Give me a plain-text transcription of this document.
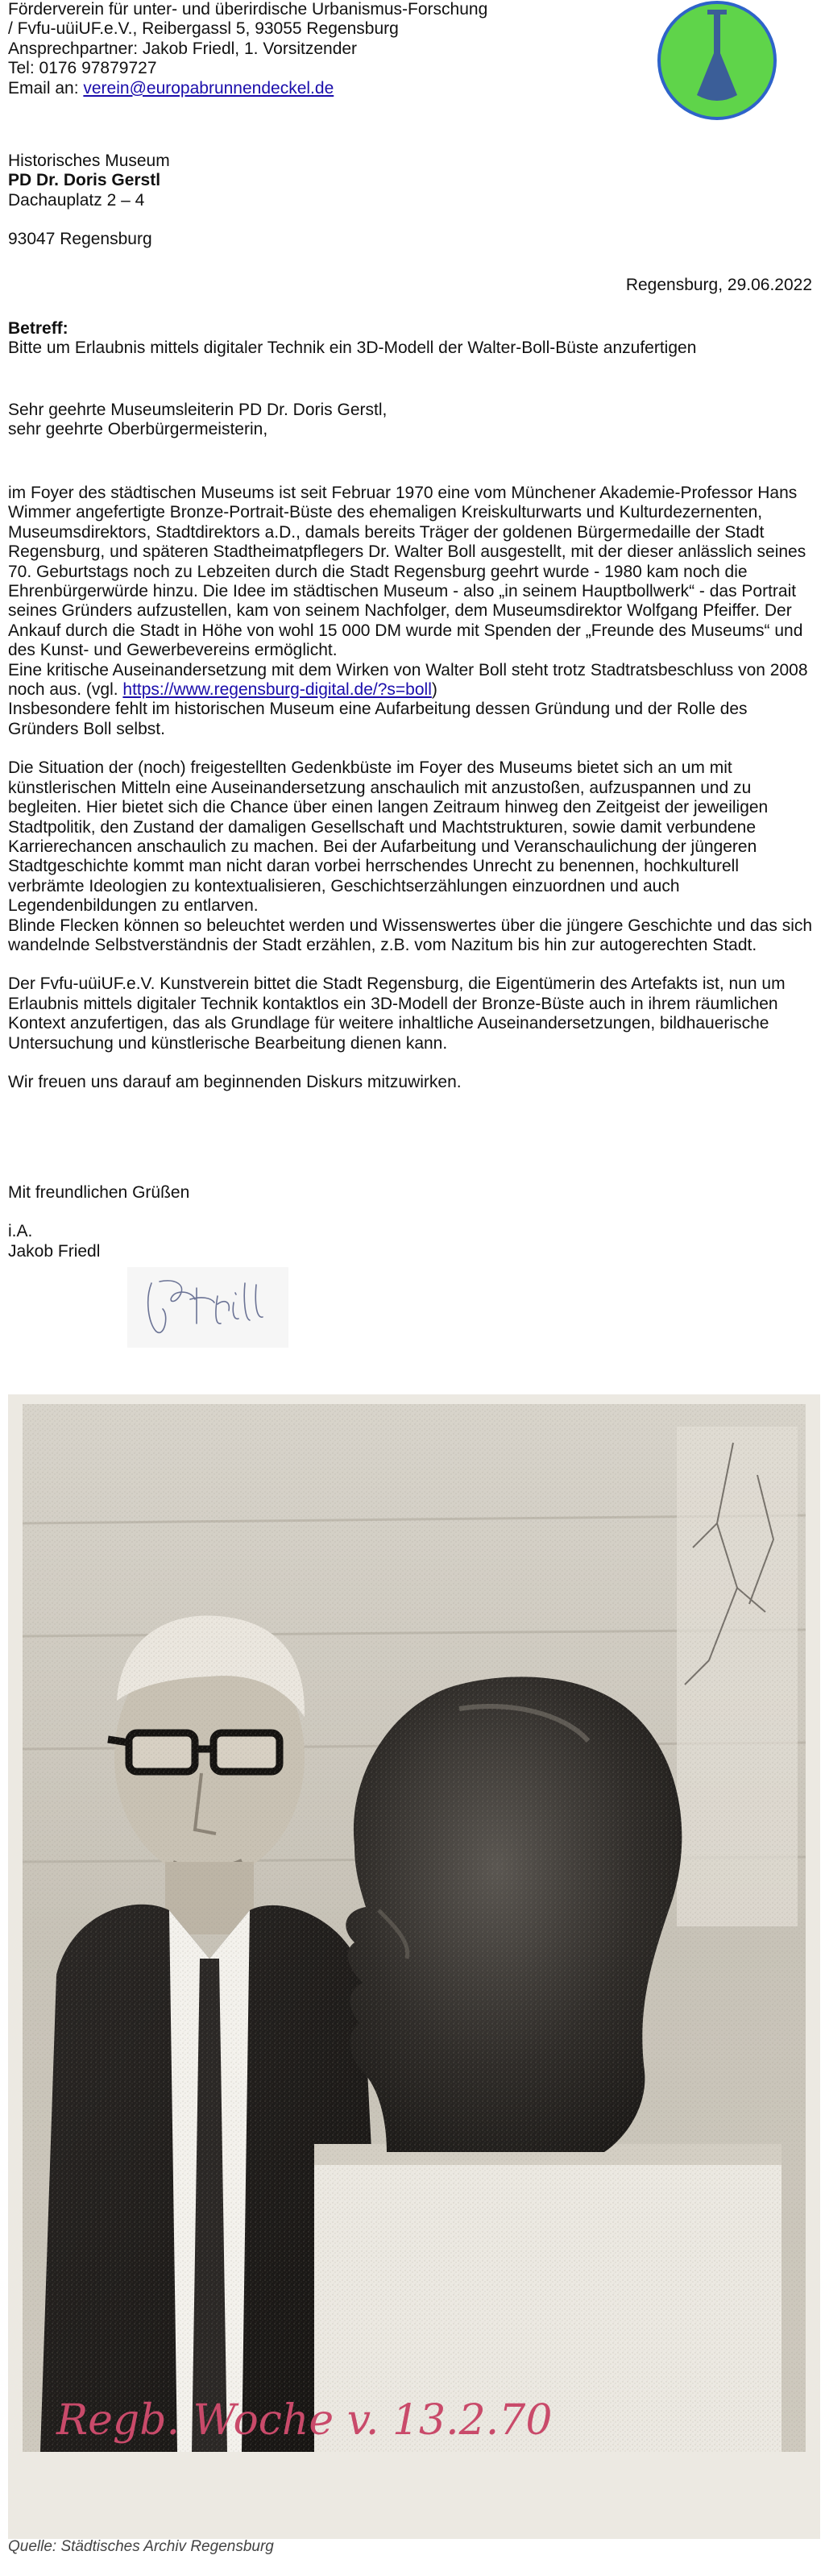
Förderverein für unter- und überirdische Urbanismus-Forschung
/ Fvfu-uüiUF.e.V., Reibergassl 5, 93055 Regensburg
Ansprechpartner: Jakob Friedl, 1. Vorsitzender
Tel: 0176 97879727
Email an: verein@europabrunnendeckel.de
Historisches Museum
PD Dr. Doris Gerstl
Dachauplatz 2 – 4
93047 Regensburg
Regensburg, 29.06.2022
Betreff:
Bitte um Erlaubnis mittels digitaler Technik ein 3D-Modell der Walter-Boll-Büste anzufertigen
Sehr geehrte Museumsleiterin PD Dr. Doris Gerstl,
sehr geehrte Oberbürgermeisterin,

im Foyer des städtischen Museums ist seit Februar 1970 eine vom Münchener Akademie-Professor Hans Wimmer angefertigte Bronze-Portrait-Büste des ehemaligen Kreiskulturwarts und Kulturdezernenten, Museumsdirektors, Stadtdirektors a.D., damals bereits Träger der goldenen Bürgermedaille der Stadt Regensburg, und späteren Stadtheimatpflegers Dr. Walter Boll ausgestellt, mit der dieser anlässlich seines 70. Geburtstags noch zu Lebzeiten durch die Stadt Regensburg geehrt wurde - 1980 kam noch die Ehrenbürgerwürde hinzu. Die Idee im städtischen Museum - also „in seinem Hauptbollwerk“ - das Portrait seines Gründers aufzustellen, kam von seinem Nachfolger, dem Museumsdirektor Wolfgang Pfeiffer. Der Ankauf durch die Stadt in Höhe von wohl 15 000 DM wurde mit Spenden der „Freunde des Museums“ und des Kunst- und Gewerbevereins ermöglicht.

Eine kritische Auseinandersetzung mit dem Wirken von Walter Boll steht trotz Stadtratsbeschluss von 2008 noch aus. (vgl. https://www.regensburg-digital.de/?s=boll)

Insbesondere fehlt im historischen Museum eine Aufarbeitung dessen Gründung und der Rolle des Gründers Boll selbst.

Die Situation der (noch) freigestellten Gedenkbüste im Foyer des Museums bietet sich an um mit künstlerischen Mitteln eine Auseinandersetzung anschaulich mit anzustoßen, aufzuspannen und zu begleiten. Hier bietet sich die Chance über einen langen Zeitraum hinweg den Zeitgeist der jeweiligen Stadtpolitik, den Zustand der damaligen Gesellschaft und Machtstrukturen, sowie damit verbundene Karrierechancen anschaulich zu machen. Bei der Aufarbeitung und Veranschaulichung der jüngeren Stadtgeschichte kommt man nicht daran vorbei herrschendes Unrecht zu benennen, hochkulturell verbrämte Ideologien zu kontextualisieren, Geschichtserzählungen einzuordnen und auch Legendenbildungen zu entlarven.

Blinde Flecken können so beleuchtet werden und Wissenswertes über die jüngere Geschichte und das sich wandelnde Selbstverständnis der Stadt erzählen, z.B. vom Nazitum bis hin zur autogerechten Stadt.

Der Fvfu-uüiUF.e.V. Kunstverein bittet die Stadt Regensburg, die Eigentümerin des Artefakts ist, nun um Erlaubnis mittels digitaler Technik kontaktlos ein 3D-Modell der Bronze-Büste auch in ihrem räumlichen Kontext anzufertigen, das als Grundlage für weitere inhaltliche Auseinandersetzungen, bildhauerische Untersuchung und künstlerische Bearbeitung dienen kann.

Wir freuen uns darauf am beginnenden Diskurs mitzuwirken.

Mit freundlichen Grüßen
i.A.
Jakob Friedl
Regb. Woche v. 13.2.70
Quelle: Städtisches Archiv Regensburg
